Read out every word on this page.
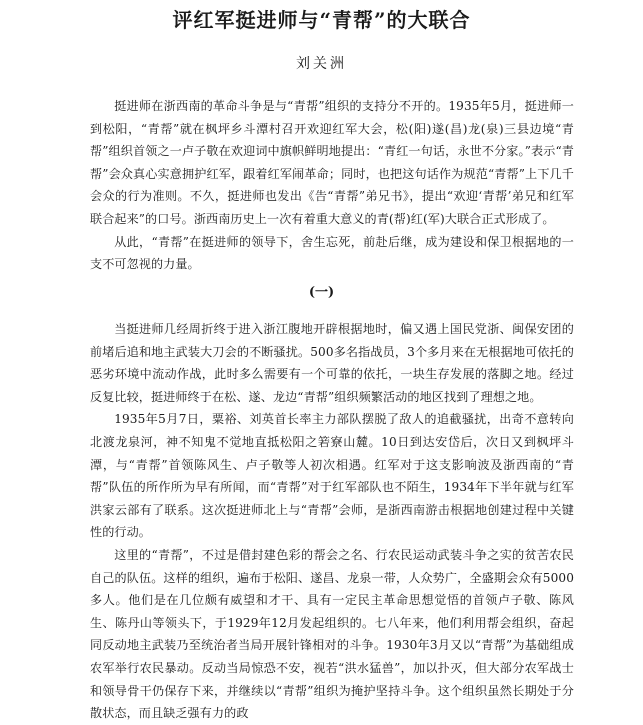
评红军挺进师与“青帮”的大联合
刘关洲

挺进师在浙西南的革命斗争是与“青帮”组织的支持分不开的。1935年5月，挺进师一到松阳，“青帮”就在枫坪乡斗潭村召开欢迎红军大会，松(阳)遂(昌)龙(泉)三县边境“青帮”组织首领之一卢子敬在欢迎词中旗帜鲜明地提出：“青红一句话，永世不分家。”表示“青帮”会众真心实意拥护红军，跟着红军闹革命；同时，也把这句话作为规范“青帮”上下几千会众的行为准则。不久，挺进师也发出《告“青帮”弟兄书》，提出“欢迎‘青帮’弟兄和红军联合起来”的口号。浙西南历史上一次有着重大意义的青(帮)红(军)大联合正式形成了。

从此，“青帮”在挺进师的领导下，舍生忘死，前赴后继，成为建设和保卫根据地的一支不可忽视的力量。

(一)

当挺进师几经周折终于进入浙江腹地开辟根据地时，偏又遇上国民党浙、闽保安团的前堵后追和地主武装大刀会的不断骚扰。500多名指战员，3个多月来在无根据地可依托的恶劣环境中流动作战，此时多么需要有一个可靠的依托，一块生存发展的落脚之地。经过反复比较，挺进师终于在松、遂、龙边“青帮”组织频繁活动的地区找到了理想之地。

1935年5月7日，粟裕、刘英首长率主力部队摆脱了敌人的追截骚扰，出奇不意转向北渡龙泉河，神不知鬼不觉地直抵松阳之箬寮山麓。10日到达安岱后，次日又到枫坪斗潭，与“青帮”首领陈风生、卢子敬等人初次相遇。红军对于这支影响波及浙西南的“青帮”队伍的所作所为早有所闻，而“青帮”对于红军部队也不陌生，1934年下半年就与红军洪家云部有了联系。这次挺进师北上与“青帮”会师，是浙西南游击根据地创建过程中关键性的行动。

这里的“青帮”，不过是借封建色彩的帮会之名、行农民运动武装斗争之实的贫苦农民自己的队伍。这样的组织，遍布于松阳、遂昌、龙泉一带，人众势广，全盛期会众有5000多人。他们是在几位颇有威望和才干、具有一定民主革命思想觉悟的首领卢子敬、陈风生、陈丹山等领头下，于1929年12月发起组织的。七八年来，他们利用帮会组织，奋起同反动地主武装乃至统治者当局开展针锋相对的斗争。1930年3月又以“青帮”为基础组成农军举行农民暴动。反动当局惊恐不安，视若“洪水猛兽”，加以扑灭，但大部分农军战士和领导骨干仍保存下来，并继续以“青帮”组织为掩护坚持斗争。这个组织虽然长期处于分散状态，而且缺乏强有力的政
